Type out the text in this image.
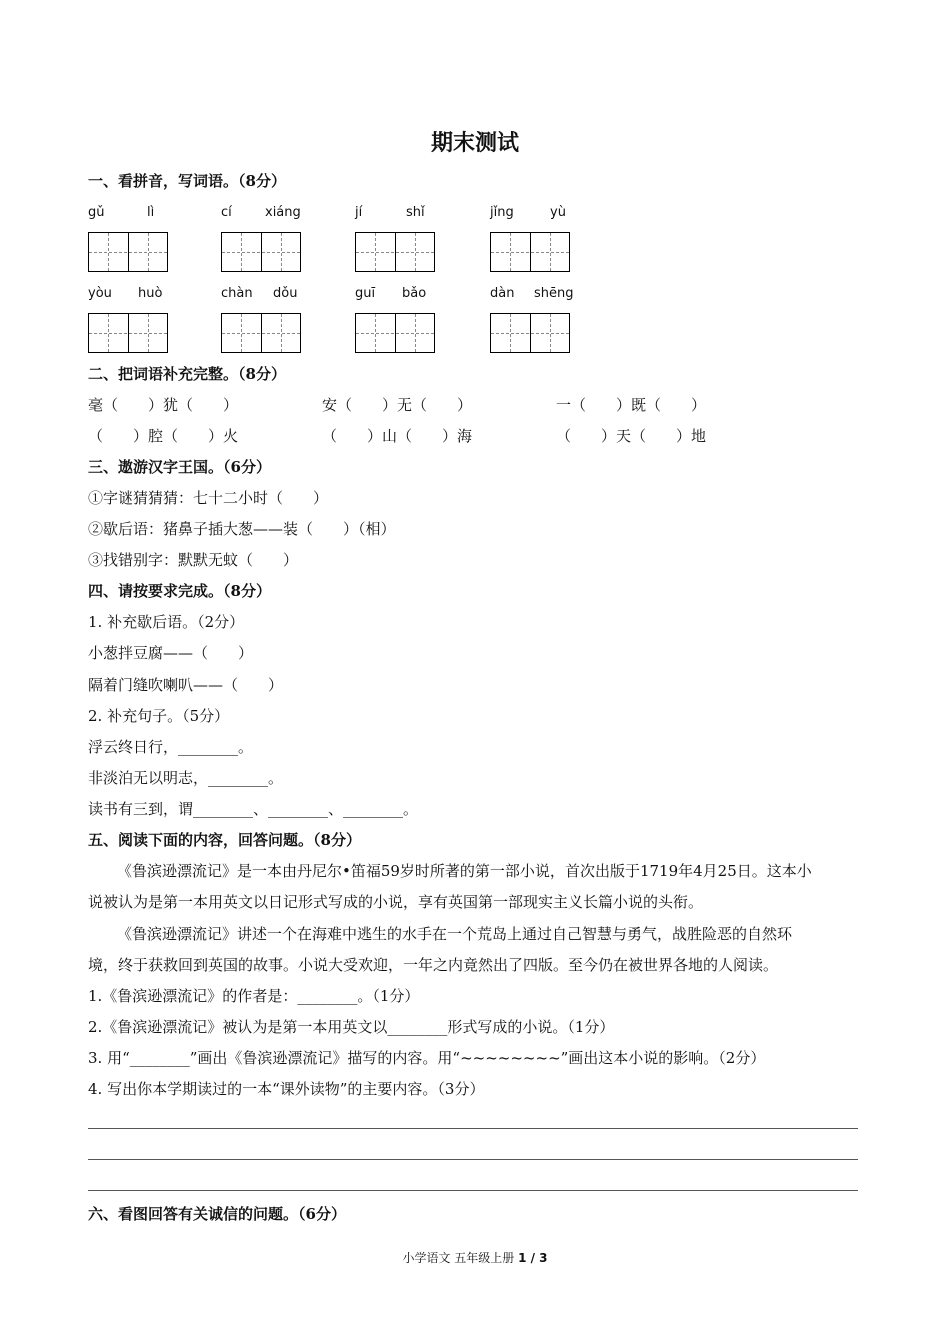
期末测试
一、看拼音，写词语。（8分）
gǔ	lì	cí	xiáng	jí	shǐ	jǐng	yù
yòu huò	chàn dǒu	guī bǎo	dàn shēng
二、把词语补充完整。（8分）
毫（　　）犹（　　）	安（　　）无（　　）	一（　　）既（　　）
（　　）腔（　　）火	（　　）山（　　）海	（　　）天（　　）地
三、遨游汉字王国。（6分）
①字谜猜猜猜：七十二小时（　　）
②歇后语：猪鼻子插大葱——装（　　）（相）
③找错别字：默默无蚊（　　）
四、请按要求完成。（8分）
1. 补充歇后语。（2分）
小葱拌豆腐——（　　）
隔着门缝吹喇叭——（　　）
2. 补充句子。（5分）
浮云终日行，________。
非淡泊无以明志，________。
读书有三到，谓________、________、________。
五、阅读下面的内容，回答问题。（8分）
《鲁滨逊漂流记》是一本由丹尼尔•笛福59岁时所著的第一部小说，首次出版于1719年4月25日。这本小
说被认为是第一本用英文以日记形式写成的小说，享有英国第一部现实主义长篇小说的头衔。
《鲁滨逊漂流记》讲述一个在海难中逃生的水手在一个荒岛上通过自己智慧与勇气，战胜险恶的自然环
境，终于获救回到英国的故事。小说大受欢迎，一年之内竟然出了四版。至今仍在被世界各地的人阅读。
1.《鲁滨逊漂流记》的作者是：________。（1分）
2.《鲁滨逊漂流记》被认为是第一本用英文以________形式写成的小说。（1分）
3. 用“________”画出《鲁滨逊漂流记》描写的内容。用“~~~~~~~~”画出这本小说的影响。（2分）
4. 写出你本学期读过的一本“课外读物”的主要内容。（3分）
六、看图回答有关诚信的问题。（6分）
小学语文 五年级上册 1 / 3
